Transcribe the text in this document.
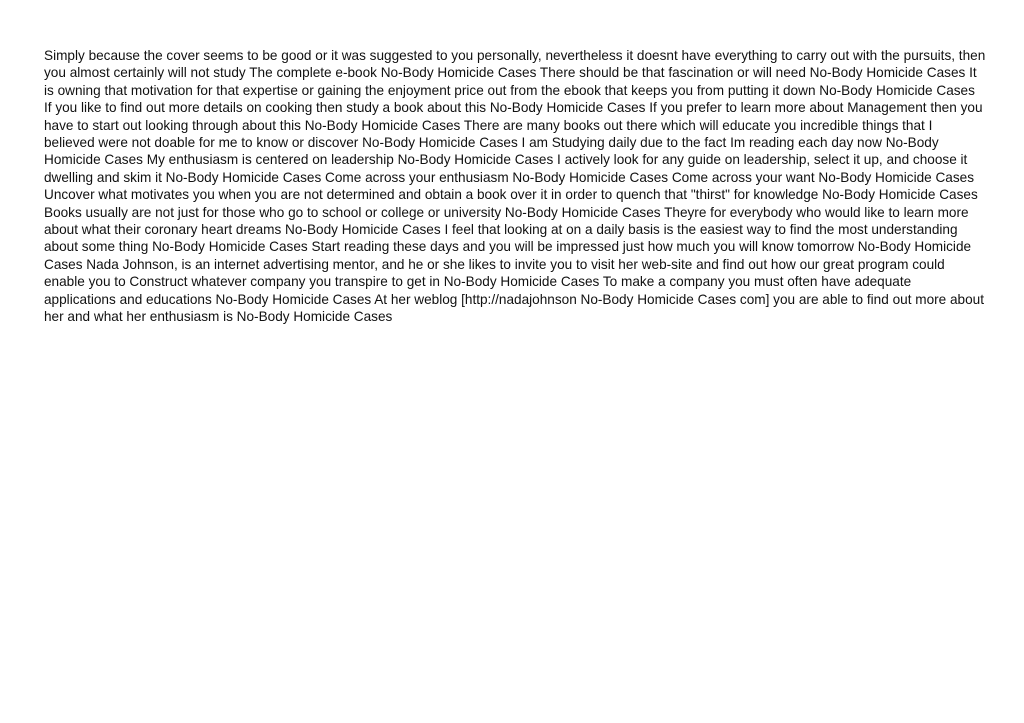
Simply because the cover seems to be good or it was suggested to you personally, nevertheless it doesnt have everything to carry out with the pursuits, then you almost certainly will not study The complete e-book No-Body Homicide Cases There should be that fascination or will need No-Body Homicide Cases It is owning that motivation for that expertise or gaining the enjoyment price out from the ebook that keeps you from putting it down No-Body Homicide Cases If you like to find out more details on cooking then study a book about this No-Body Homicide Cases If you prefer to learn more about Management then you have to start out looking through about this No-Body Homicide Cases There are many books out there which will educate you incredible things that I believed were not doable for me to know or discover No-Body Homicide Cases I am Studying daily due to the fact Im reading each day now No-Body Homicide Cases My enthusiasm is centered on leadership No-Body Homicide Cases I actively look for any guide on leadership, select it up, and choose it dwelling and skim it No-Body Homicide Cases Come across your enthusiasm No-Body Homicide Cases Come across your want No-Body Homicide Cases Uncover what motivates you when you are not determined and obtain a book over it in order to quench that "thirst" for knowledge No-Body Homicide Cases Books usually are not just for those who go to school or college or university No-Body Homicide Cases Theyre for everybody who would like to learn more about what their coronary heart dreams No-Body Homicide Cases I feel that looking at on a daily basis is the easiest way to find the most understanding about some thing No-Body Homicide Cases Start reading these days and you will be impressed just how much you will know tomorrow No-Body Homicide Cases Nada Johnson, is an internet advertising mentor, and he or she likes to invite you to visit her web-site and find out how our great program could enable you to Construct whatever company you transpire to get in No-Body Homicide Cases To make a company you must often have adequate applications and educations No-Body Homicide Cases At her weblog [http://nadajohnson No-Body Homicide Cases com] you are able to find out more about her and what her enthusiasm is No-Body Homicide Cases
